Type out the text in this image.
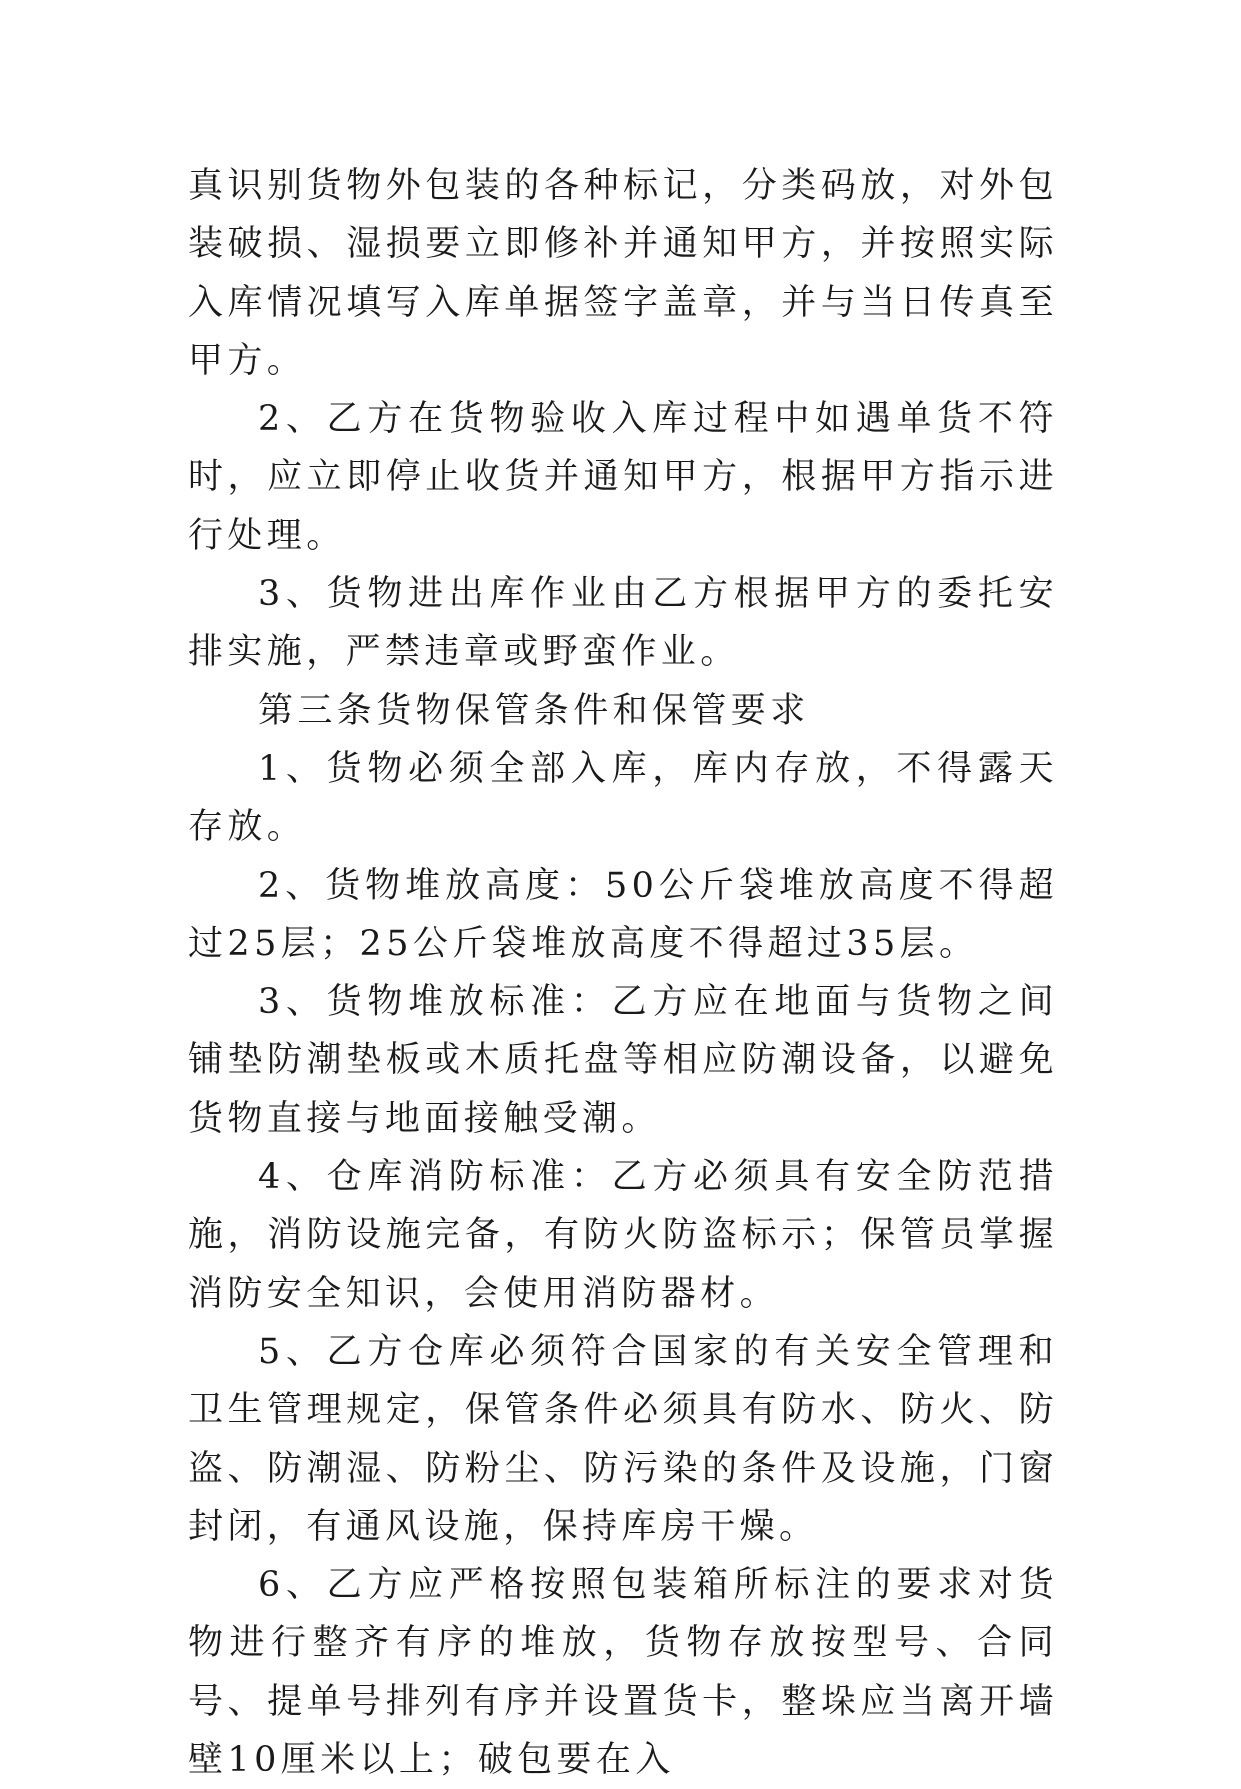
真识别货物外包装的各种标记，分类码放，对外包装破损、湿损要立即修补并通知甲方，并按照实际入库情况填写入库单据签字盖章，并与当日传真至甲方。

2、乙方在货物验收入库过程中如遇单货不符时，应立即停止收货并通知甲方，根据甲方指示进行处理。

3、货物进出库作业由乙方根据甲方的委托安排实施，严禁违章或野蛮作业。

第三条货物保管条件和保管要求

1、货物必须全部入库，库内存放，不得露天存放。

2、货物堆放高度：50公斤袋堆放高度不得超过25层；25公斤袋堆放高度不得超过35层。

3、货物堆放标准：乙方应在地面与货物之间铺垫防潮垫板或木质托盘等相应防潮设备，以避免货物直接与地面接触受潮。

4、仓库消防标准：乙方必须具有安全防范措施，消防设施完备，有防火防盗标示；保管员掌握消防安全知识，会使用消防器材。

5、乙方仓库必须符合国家的有关安全管理和卫生管理规定，保管条件必须具有防水、防火、防盗、防潮湿、防粉尘、防污染的条件及设施，门窗封闭，有通风设施，保持库房干燥。

6、乙方应严格按照包装箱所标注的要求对货物进行整齐有序的堆放，货物存放按型号、合同号、提单号排列有序并设置货卡，整垛应当离开墙壁10厘米以上；破包要在入
